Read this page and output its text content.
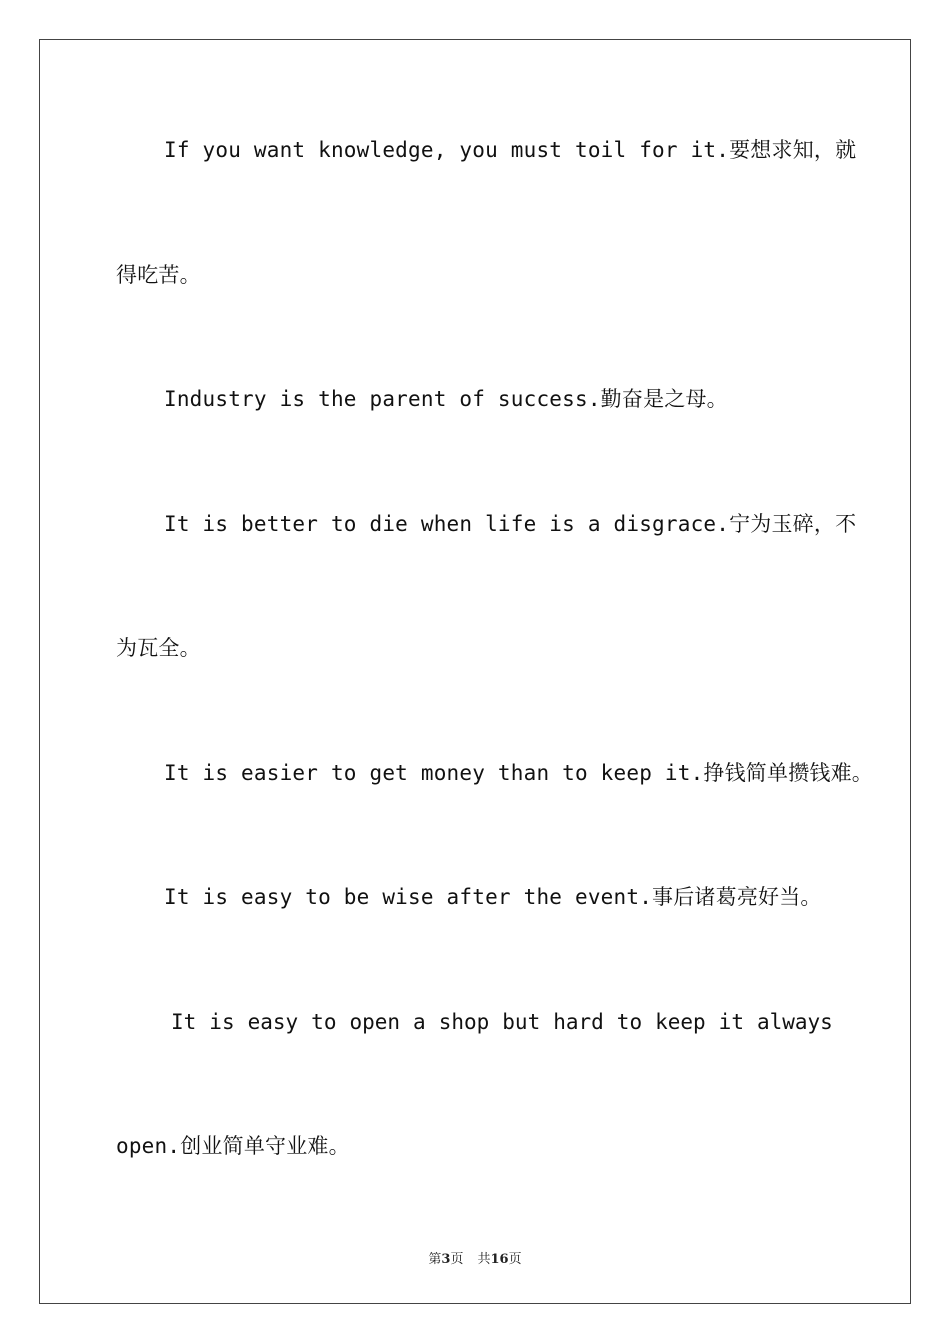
If you want knowledge, you must toil for it.要想求知，就
得吃苦。
Industry is the parent of success.勤奋是之母。
It is better to die when life is a disgrace.宁为玉碎，不
为瓦全。
It is easier to get money than to keep it.挣钱简单攒钱难。
It is easy to be wise after the event.事后诸葛亮好当。
It is easy to open a shop but hard to keep it always
open.创业简单守业难。
第3页 共16页
